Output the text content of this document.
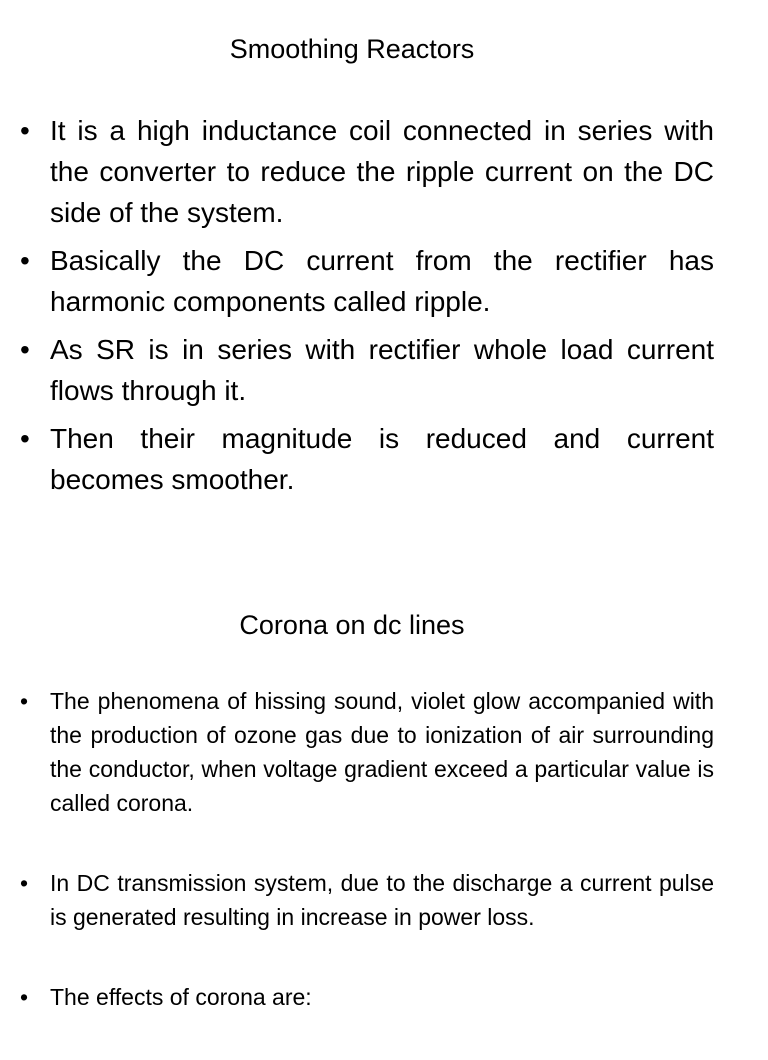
Smoothing Reactors
• It is a high inductance coil connected in series with the converter to reduce the ripple current on the DC side of the system.
• Basically the DC current from the rectifier has harmonic components called ripple.
• As SR is in series with rectifier whole load current flows through it.
• Then their magnitude is reduced and current becomes smoother.
Corona on dc lines
• The phenomena of hissing sound, violet glow accompanied with the production of ozone gas due to ionization of air surrounding the conductor, when voltage gradient exceed a particular value is called corona.
• In DC transmission system, due to the discharge a current pulse is generated resulting in increase in power loss.
• The effects of corona are:
